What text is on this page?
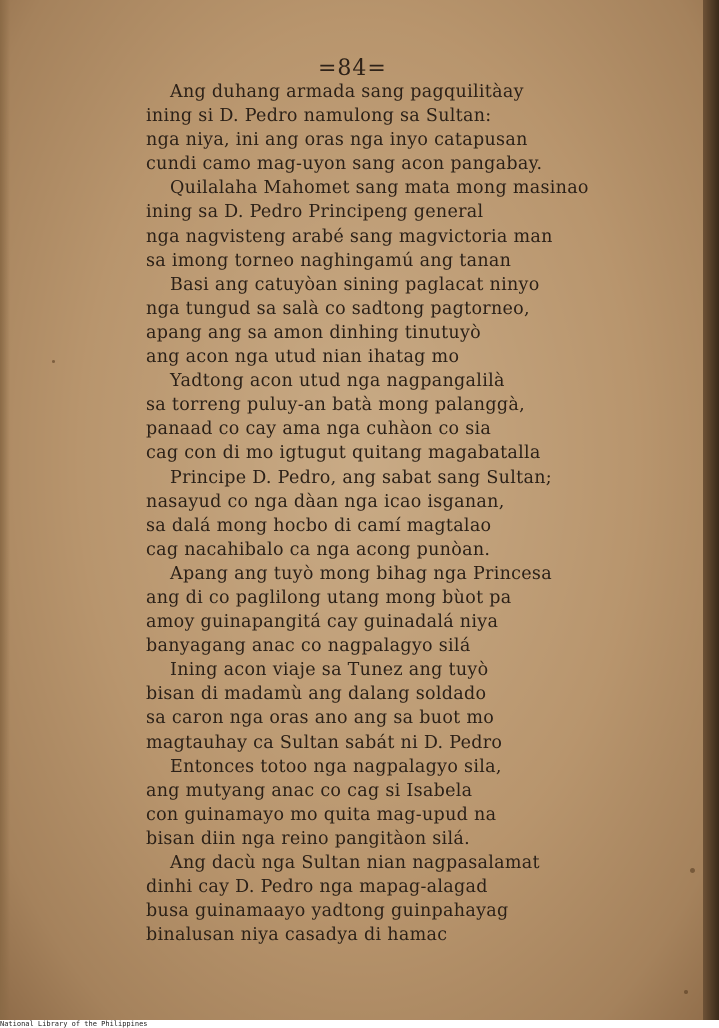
=84=
Ang duhang armada sang pagquilitàay
ining si D. Pedro namulong sa Sultan:
nga niya, ini ang oras nga inyo catapusan
cundi camo mag-uyon sang acon pangabay.
Quilalaha Mahomet sang mata mong masinao
ining sa D. Pedro Principeng general
nga nagvisteng arabé sang magvictoria man
sa imong torneo naghingamú ang tanan
Basi ang catuyòan sining paglacat ninyo
nga tungud sa salà co sadtong pagtorneo,
apang ang sa amon dinhing tinutuyò
ang acon nga utud nian ihatag mo
Yadtong acon utud nga nagpangalilà
sa torreng puluy-an batà mong palanggà,
panaad co cay ama nga cuhàon co sia
cag con di mo igtugut quitang magabatalla
Principe D. Pedro, ang sabat sang Sultan;
nasayud co nga dàan nga icao isganan,
sa dalá mong hocbo di camí magtalao
cag nacahibalo ca nga acong punòan.
Apang ang tuyò mong bihag nga Princesa
ang di co paglilong utang mong bùot pa
amoy guinapangitá cay guinadalá niya
banyagang anac co nagpalagyo silá
Ining acon viaje sa Tunez ang tuyò
bisan di madamù ang dalang soldado
sa caron nga oras ano ang sa buot mo
magtauhay ca Sultan sabát ni D. Pedro
Entonces totoo nga nagpalagyo sila,
ang mutyang anac co cag si Isabela
con guinamayo mo quita mag-upud na
bisan diin nga reino pangitàon silá.
Ang dacù nga Sultan nian nagpasalamat
dinhi cay D. Pedro nga mapag-alagad
busa guinamaayo yadtong guinpahayag
binalusan niya casadya di hamac
National Library of the Philippines
